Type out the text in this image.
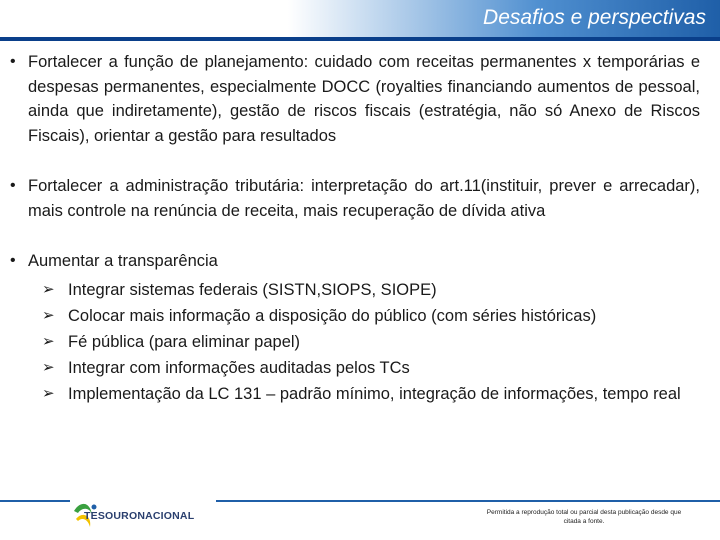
Desafios e perspectivas
• Fortalecer a função de planejamento: cuidado com receitas permanentes x temporárias e despesas permanentes, especialmente DOCC (royalties financiando aumentos de pessoal, ainda que indiretamente), gestão de riscos fiscais (estratégia, não só Anexo de Riscos Fiscais), orientar a gestão para resultados
• Fortalecer a administração tributária: interpretação do art.11(instituir, prever e arrecadar), mais controle na renúncia de receita, mais recuperação de dívida ativa
• Aumentar a transparência
➢ Integrar sistemas federais (SISTN,SIOPS, SIOPE)
➢ Colocar mais informação a disposição do público (com séries históricas)
➢ Fé pública (para eliminar papel)
➢ Integrar com informações auditadas pelos TCs
➢ Implementação da LC 131 – padrão mínimo, integração de informações, tempo real
TESOURONACIONAL	Permitida a reprodução total ou parcial desta publicação desde que citada a fonte.
